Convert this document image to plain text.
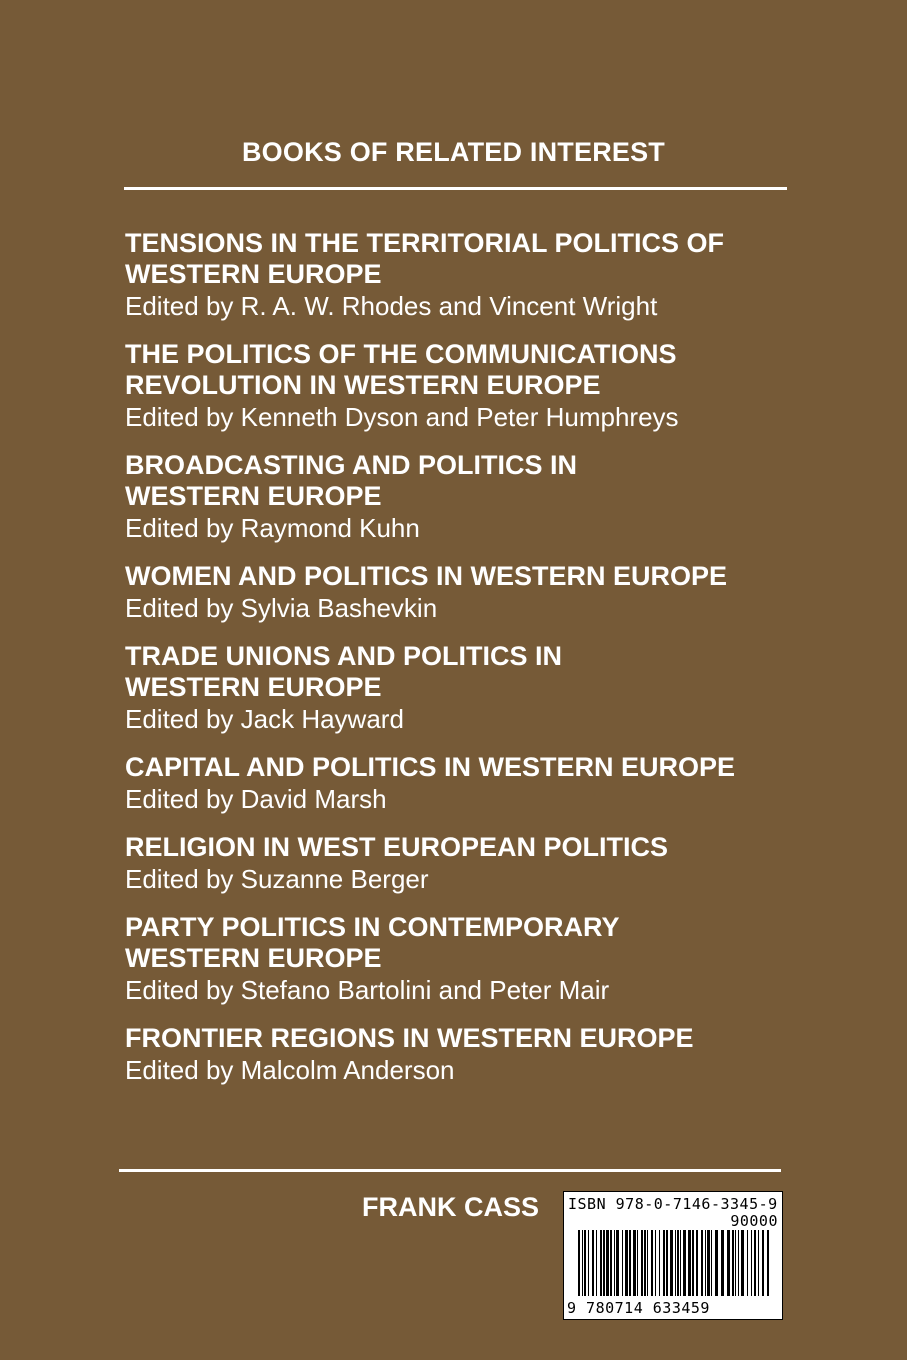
BOOKS OF RELATED INTEREST
TENSIONS IN THE TERRITORIAL POLITICS OF
WESTERN EUROPE
Edited by R. A. W. Rhodes and Vincent Wright
THE POLITICS OF THE COMMUNICATIONS
REVOLUTION IN WESTERN EUROPE
Edited by Kenneth Dyson and Peter Humphreys
BROADCASTING AND POLITICS IN
WESTERN EUROPE
Edited by Raymond Kuhn
WOMEN AND POLITICS IN WESTERN EUROPE
Edited by Sylvia Bashevkin
TRADE UNIONS AND POLITICS IN
WESTERN EUROPE
Edited by Jack Hayward
CAPITAL AND POLITICS IN WESTERN EUROPE
Edited by David Marsh
RELIGION IN WEST EUROPEAN POLITICS
Edited by Suzanne Berger
PARTY POLITICS IN CONTEMPORARY
WESTERN EUROPE
Edited by Stefano Bartolini and Peter Mair
FRONTIER REGIONS IN WESTERN EUROPE
Edited by Malcolm Anderson
FRANK CASS ISBN 978-0-7146-3345-9
90000
9 780714 633459
